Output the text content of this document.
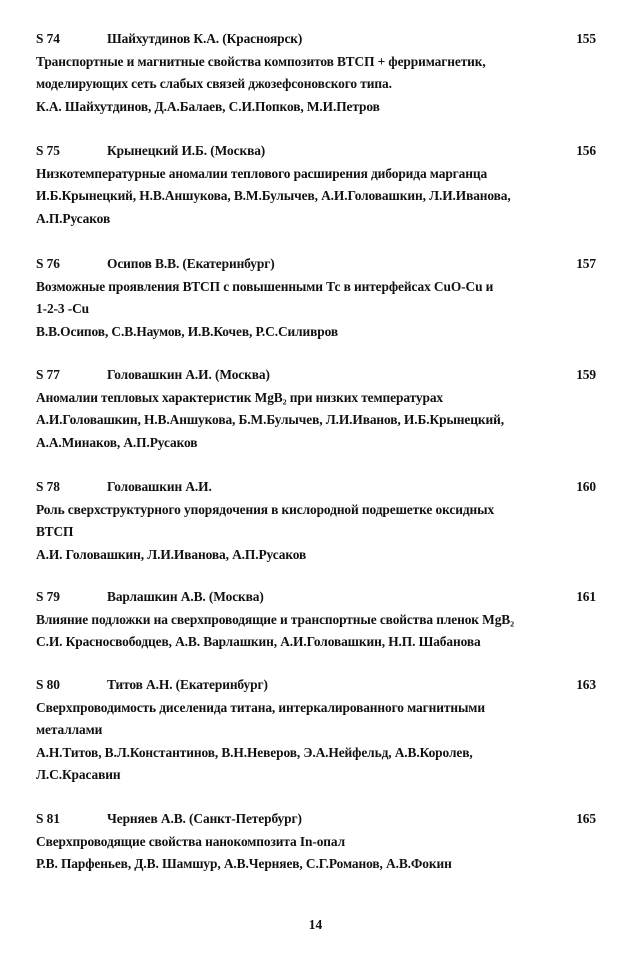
S 74	Шайхутдинов К.А. (Красноярск)	155
Транспортные и магнитные свойства композитов ВТСП + ферримагнетик,
моделирующих сеть слабых связей джозефсоновского типа.
К.А. Шайхутдинов, Д.А.Балаев, С.И.Попков, М.И.Петров
S 75	Крынецкий И.Б. (Москва)	156
Низкотемпературные аномалии теплового расширения диборида марганца
И.Б.Крынецкий, Н.В.Аншукова, В.М.Булычев, А.И.Головашкин, Л.И.Иванова,
А.П.Русаков
S 76	Осипов В.В. (Екатеринбург)	157
Возможные проявления ВТСП с повышенными Тс в интерфейсах CuO-Cu и
1-2-3 -Cu
В.В.Осипов, С.В.Наумов, И.В.Кочев, Р.С.Силивров
S 77	Головашкин А.И. (Москва)	159
Аномалии тепловых характеристик MgB₂ при низких температурах
А.И.Головашкин, Н.В.Аншукова, Б.М.Булычев, Л.И.Иванов, И.Б.Крынецкий,
А.А.Минаков, А.П.Русаков
S 78	Головашкин А.И.	160
Роль сверхструктурного упорядочения в кислородной подрешетке оксидных
ВТСП
А.И. Головашкин, Л.И.Иванова, А.П.Русаков
S 79	Варлашкин А.В. (Москва)	161
Влияние подложки на сверхпроводящие и транспортные свойства пленок MgB₂
С.И. Красноcвободцев, А.В. Варлашкин, А.И.Головашкин, Н.П. Шабанова
S 80	Титов А.Н. (Екатеринбург)	163
Сверхпроводимость диселенида титана, интеркалированного магнитными
металлами
А.Н.Титов, В.Л.Константинов, В.Н.Неверов, Э.А.Нейфельд, А.В.Королев,
Л.С.Красавин
S 81	Черняев А.В. (Санкт-Петербург)	165
Сверхпроводящие свойства нанокомпозита In-опал
Р.В. Парфеньев, Д.В. Шамшур, А.В.Черняев, С.Г.Романов, А.В.Фокин
14
